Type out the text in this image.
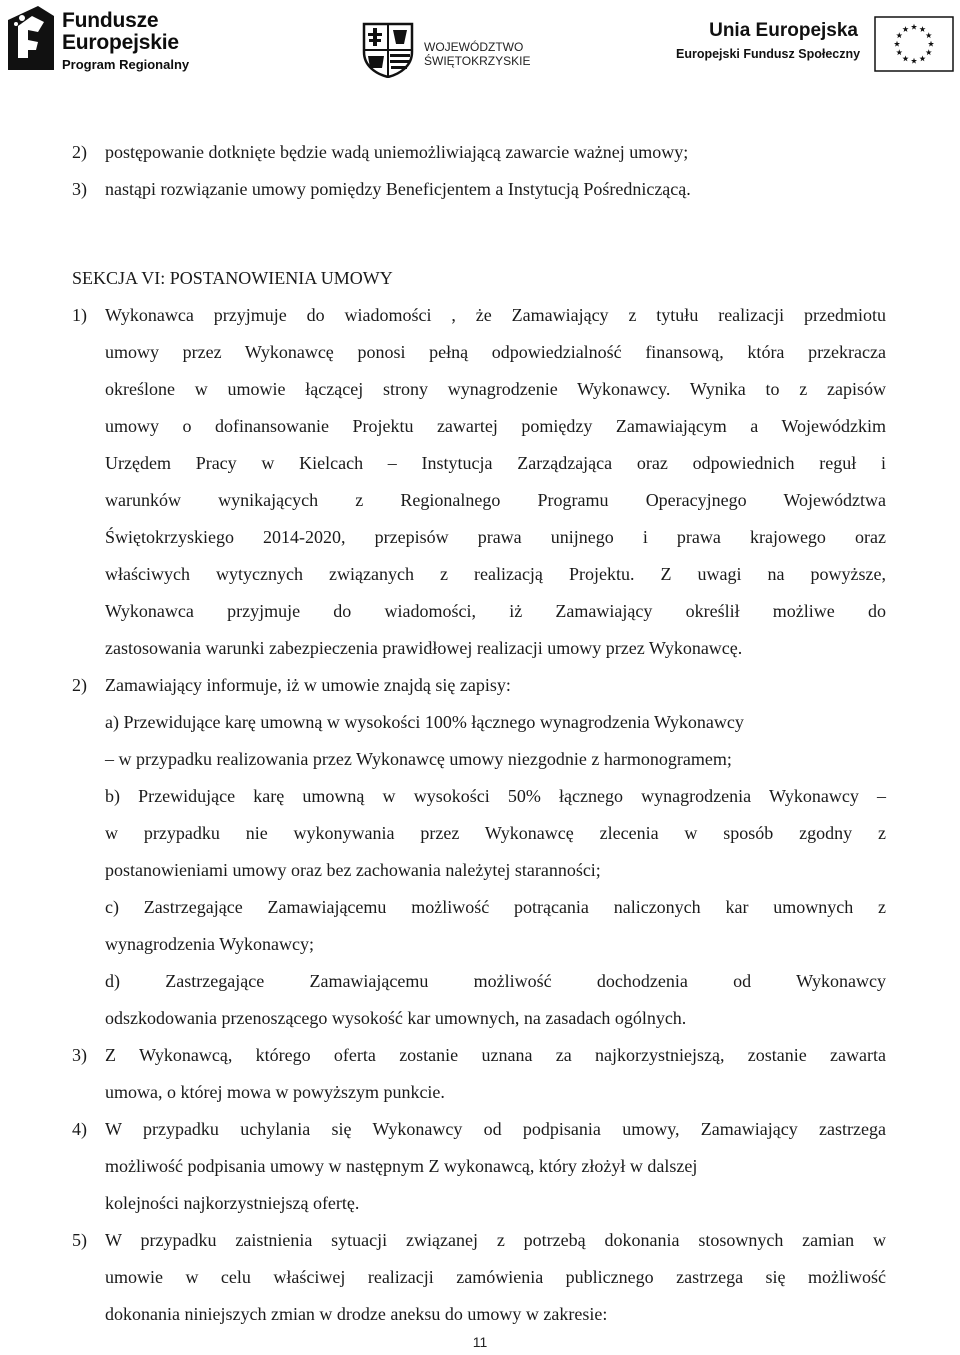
Fundusze
Europejskie
Program Regionalny
WOJEWÓDZTWO
ŚWIĘTOKRZYSKIE
Unia Europejska
Europejski Fundusz Społeczny
2) postępowanie dotknięte będzie wadą uniemożliwiającą zawarcie ważnej umowy;
3) nastąpi rozwiązanie umowy pomiędzy Beneficjentem a Instytucją Pośredniczącą.
SEKCJA VI: POSTANOWIENIA UMOWY
1) Wykonawca przyjmuje do wiadomości , że Zamawiający z tytułu realizacji przedmiotu
umowy przez Wykonawcę ponosi pełną odpowiedzialność finansową, która przekracza
określone w umowie łączącej strony wynagrodzenie Wykonawcy. Wynika to z zapisów
umowy o dofinansowanie Projektu zawartej pomiędzy Zamawiającym a Wojewódzkim
Urzędem Pracy w Kielcach – Instytucja Zarządzająca oraz odpowiednich reguł i
warunków wynikających z Regionalnego Programu Operacyjnego Województwa
Świętokrzyskiego 2014-2020, przepisów prawa unijnego i prawa krajowego oraz
właściwych wytycznych związanych z realizacją Projektu. Z uwagi na powyższe,
Wykonawca przyjmuje do wiadomości, iż Zamawiający określił możliwe do
zastosowania warunki zabezpieczenia prawidłowej realizacji umowy przez Wykonawcę.
2) Zamawiający informuje, iż w umowie znajdą się zapisy:
a) Przewidujące karę umowną w wysokości 100% łącznego wynagrodzenia Wykonawcy
– w przypadku realizowania przez Wykonawcę umowy niezgodnie z harmonogramem;
b) Przewidujące karę umowną w wysokości 50% łącznego wynagrodzenia Wykonawcy –
w przypadku nie wykonywania przez Wykonawcę zlecenia w sposób zgodny z
postanowieniami umowy oraz bez zachowania należytej staranności;
c) Zastrzegające Zamawiającemu możliwość potrącania naliczonych kar umownych z
wynagrodzenia Wykonawcy;
d) Zastrzegające Zamawiającemu możliwość dochodzenia od Wykonawcy
odszkodowania przenoszącego wysokość kar umownych, na zasadach ogólnych.
3) Z Wykonawcą, którego oferta zostanie uznana za najkorzystniejszą, zostanie zawarta
umowa, o której mowa w powyższym punkcie.
4) W przypadku uchylania się Wykonawcy od podpisania umowy, Zamawiający zastrzega
możliwość podpisania umowy w następnym Z wykonawcą, który złożył w dalszej
kolejności najkorzystniejszą ofertę.
5) W przypadku zaistnienia sytuacji związanej z potrzebą dokonania stosownych zamian w
umowie w celu właściwej realizacji zamówienia publicznego zastrzega się możliwość
dokonania niniejszych zmian w drodze aneksu do umowy w zakresie:
11
